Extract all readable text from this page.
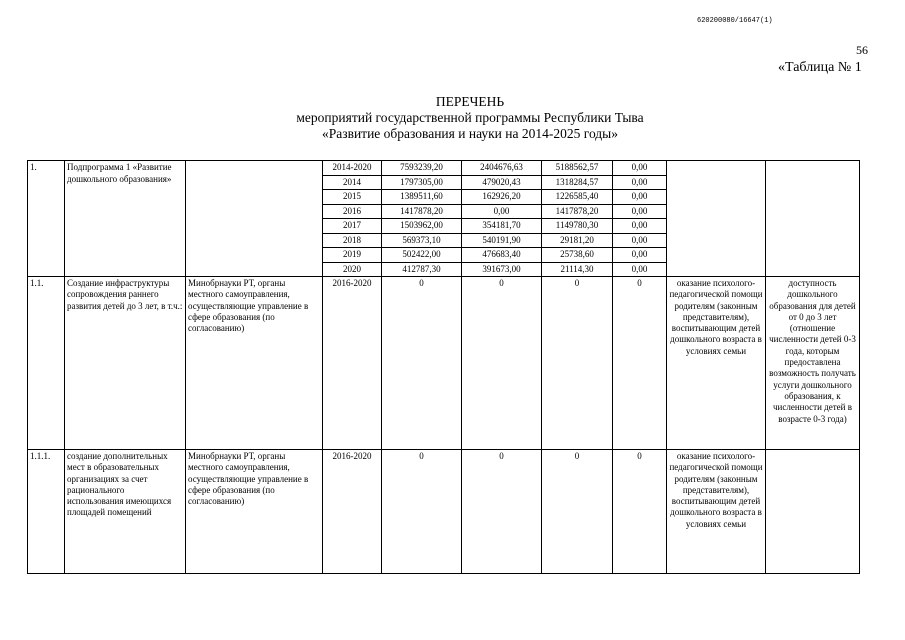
620200080/16647(1)
56
«Таблица № 1
ПЕРЕЧЕНЬ
мероприятий государственной программы Республики Тыва
«Развитие образования и науки на 2014-2025 годы»
1.	Подпрограмма 1 «Развитие дошкольного образования»		2014-2020	7593239,20	2404676,63	5188562,57	0,00		
			2014	1797305,00	479020,43	1318284,57	0,00		
			2015	1389511,60	162926,20	1226585,40	0,00		
			2016	1417878,20	0,00	1417878,20	0,00		
			2017	1503962,00	354181,70	1149780,30	0,00		
			2018	569373,10	540191,90	29181,20	0,00		
			2019	502422,00	476683,40	25738,60	0,00		
			2020	412787,30	391673,00	21114,30	0,00		
1.1.	Создание инфраструктуры сопровождения раннего развития детей до 3 лет, в т.ч.:	Минобрнауки РТ, органы местного самоуправления, осуществляющие управление в сфере образования (по согласованию)	2016-2020	0	0	0	0	оказание психолого-педагогической помощи родителям (законным представителям), воспитывающим детей дошкольного возраста в условиях семьи	доступность дошкольного образования для детей от 0 до 3 лет (отношение численности детей 0-3 года, которым предоставлена возможность получать услуги дошкольного образования, к численности детей в возрасте 0-3 года)
1.1.1.	создание дополнительных мест в образовательных организациях за счет рационального использования имеющихся площадей помещений	Минобрнауки РТ, органы местного самоуправления, осуществляющие управление в сфере образования (по согласованию)	2016-2020	0	0	0	0	оказание психолого-педагогической помощи родителям (законным представителям), воспитывающим детей дошкольного возраста в условиях семьи	
